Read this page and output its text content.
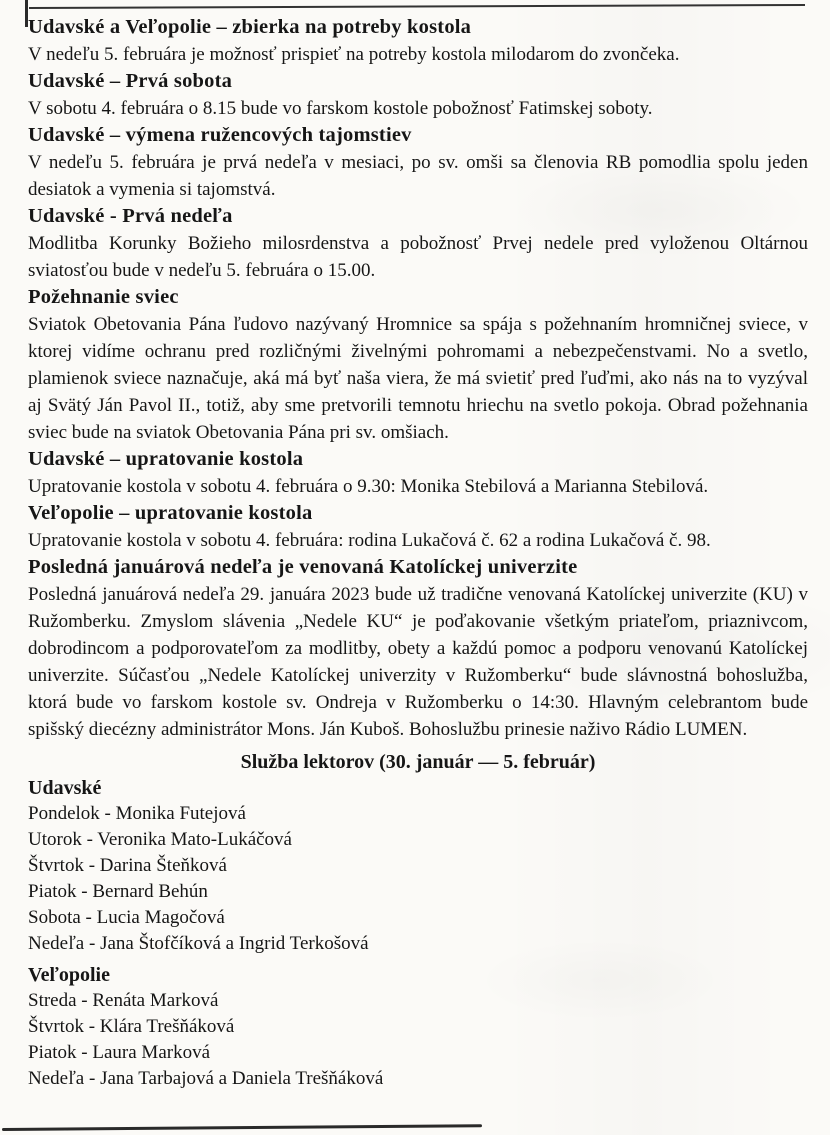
Udavské a Veľopolie – zbierka na potreby kostola

V nedeľu 5. februára je možnosť prispieť na potreby kostola milodarom do zvončeka.

Udavské – Prvá sobota

V sobotu 4. februára o 8.15 bude vo farskom kostole pobožnosť Fatimskej soboty.

Udavské – výmena ružencových tajomstiev

V nedeľu 5. februára je prvá nedeľa v mesiaci, po sv. omši sa členovia RB pomodlia spolu jeden desiatok a vymenia si tajomstvá.

Udavské - Prvá nedeľa

Modlitba Korunky Božieho milosrdenstva a pobožnosť Prvej nedele pred vyloženou Oltárnou sviatosťou bude v nedeľu 5. februára o 15.00.

Požehnanie sviec

Sviatok Obetovania Pána ľudovo nazývaný Hromnice sa spája s požehnaním hromničnej sviece, v ktorej vidíme ochranu pred rozličnými živelnými pohromami a nebezpečenstvami. No a svetlo, plamienok sviece naznačuje, aká má byť naša viera, že má svietiť pred ľuďmi, ako nás na to vyzýval aj Svätý Ján Pavol II., totiž, aby sme pretvorili temnotu hriechu na svetlo pokoja. Obrad požehnania sviec bude na sviatok Obetovania Pána pri sv. omšiach.

Udavské – upratovanie kostola

Upratovanie kostola v sobotu 4. februára o 9.30: Monika Stebilová a Marianna Stebilová.

Veľopolie – upratovanie kostola

Upratovanie kostola v sobotu 4. februára: rodina Lukačová č. 62 a rodina Lukačová č. 98.

Posledná januárová nedeľa je venovaná Katolíckej univerzite

Posledná januárová nedeľa 29. januára 2023 bude už tradične venovaná Katolíckej univerzite (KU) v Ružomberku. Zmyslom slávenia „Nedele KU“ je poďakovanie všetkým priateľom, priaznivcom, dobrodincom a podporovateľom za modlitby, obety a každú pomoc a podporu venovanú Katolíckej univerzite. Súčasťou „Nedele Katolíckej univerzity v Ružomberku“ bude slávnostná bohoslužba, ktorá bude vo farskom kostole sv. Ondreja v Ružomberku o 14:30. Hlavným celebrantom bude spišský diecézny administrátor Mons. Ján Kuboš. Bohoslužbu prinesie naživo Rádio LUMEN.

Služba lektorov (30. január — 5. február)
Udavské
Pondelok - Monika Futejová
Utorok - Veronika Mato-Lukáčová
Štvrtok - Darina Šteňková
Piatok - Bernard Behún
Sobota - Lucia Magočová
Nedeľa - Jana Štofčíková a Ingrid Terkošová
Veľopolie
Streda - Renáta Marková
Štvrtok - Klára Trešňáková
Piatok - Laura Marková
Nedeľa - Jana Tarbajová a Daniela Trešňáková
